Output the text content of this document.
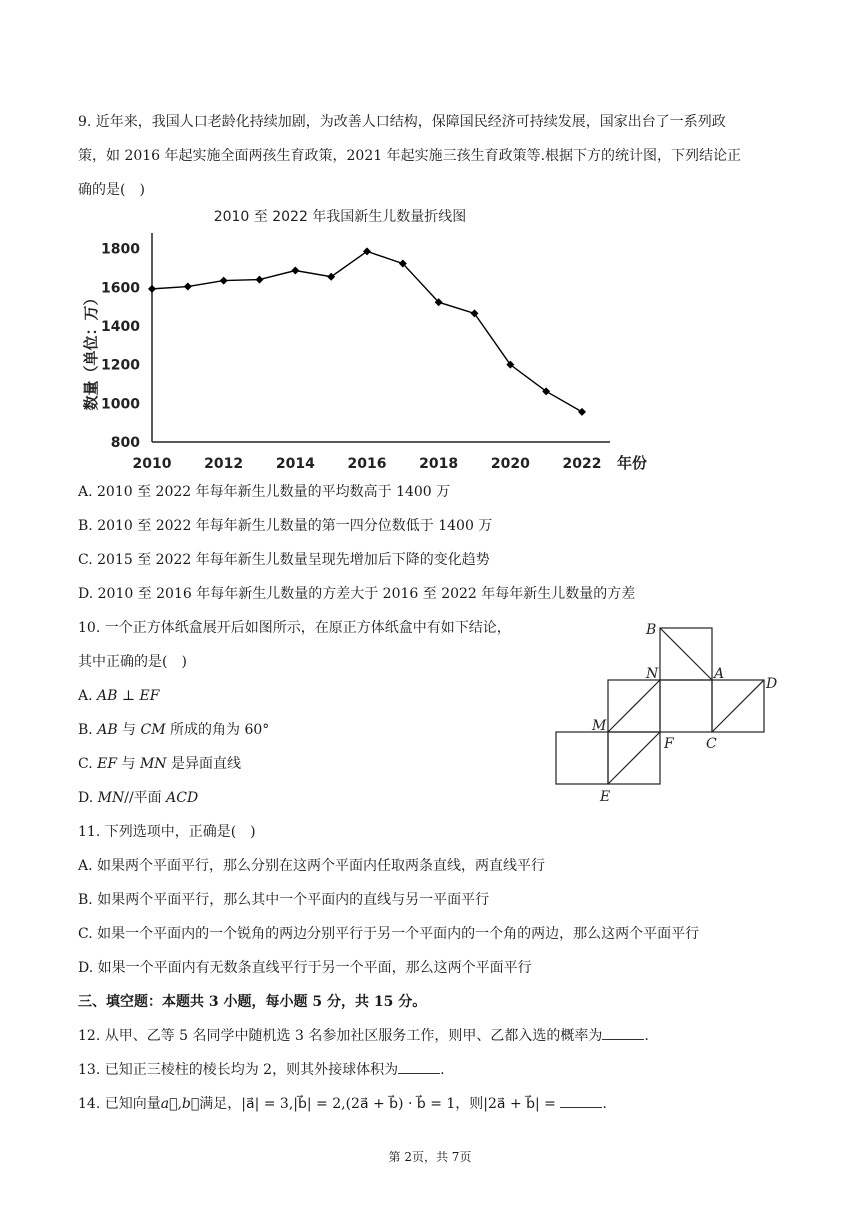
9. 近年来，我国人口老龄化持续加剧，为改善人口结构，保障国民经济可持续发展，国家出台了一系列政
策，如 2016 年起实施全面两孩生育政策，2021 年起实施三孩生育政策等.根据下方的统计图，下列结论正
确的是(　)
2010 至 2022 年我国新生儿数量折线图
800
1000
1200
1400
1600
1800
2010 2012 2014 2016 2018 2020 2022 年份
数量（单位：万）
A. 2010 至 2022 年每年新生儿数量的平均数高于 1400 万
B. 2010 至 2022 年每年新生儿数量的第一四分位数低于 1400 万
C. 2015 至 2022 年每年新生儿数量呈现先增加后下降的变化趋势
D. 2010 至 2016 年每年新生儿数量的方差大于 2016 至 2022 年每年新生儿数量的方差
10. 一个正方体纸盒展开后如图所示，在原正方体纸盒中有如下结论，
其中正确的是(　)
A. AB ⊥ EF
B. AB 与 CM 所成的角为 60°
C. EF 与 MN 是异面直线
D. MN//平面 ACD
B
N	A
D
M
F C
E
11. 下列选项中，正确是(　)
A. 如果两个平面平行，那么分别在这两个平面内任取两条直线，两直线平行
B. 如果两个平面平行，那么其中一个平面内的直线与另一平面平行
C. 如果一个平面内的一个锐角的两边分别平行于另一个平面内的一个角的两边，那么这两个平面平行
D. 如果一个平面内有无数条直线平行于另一个平面，那么这两个平面平行
三、填空题：本题共 3 小题，每小题 5 分，共 15 分。
12. 从甲、乙等 5 名同学中随机选 3 名参加社区服务工作，则甲、乙都入选的概率为	.
13. 已知正三棱柱的棱长均为 2，则其外接球体积为	.
14. 已知向量a⃗,b⃗满足，|a⃗| = 3,|b⃗| = 2,(2a⃗ + b⃗) · b⃗ = 1，则|2a⃗ + b⃗| =	.
第 2页，共 7页
